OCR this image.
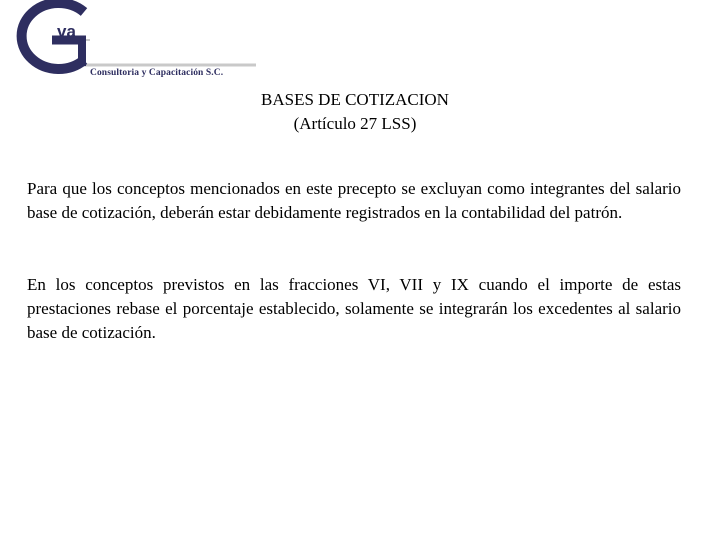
va
Consultoria y Capacitación S.C.
BASES DE COTIZACION
(Artículo 27 LSS)

Para que los conceptos mencionados en este precepto se excluyan como integrantes del salario base de cotización, deberán estar debidamente registrados en la contabilidad del patrón.

En los conceptos previstos en las fracciones VI, VII y IX cuando el importe de estas prestaciones rebase el porcentaje establecido, solamente se integrarán los excedentes al salario base de cotización.
